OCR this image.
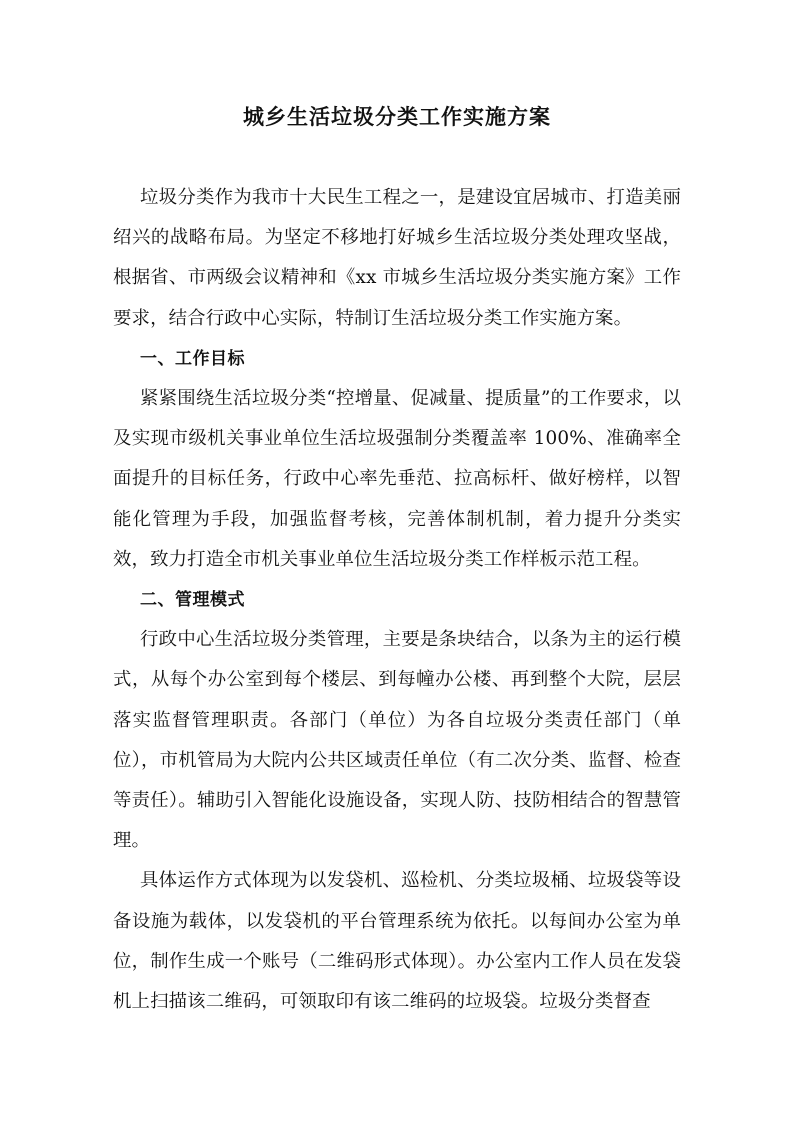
城乡生活垃圾分类工作实施方案

垃圾分类作为我市十大民生工程之一，是建设宜居城市、打造美丽绍兴的战略布局。为坚定不移地打好城乡生活垃圾分类处理攻坚战，根据省、市两级会议精神和《xx 市城乡生活垃圾分类实施方案》工作要求，结合行政中心实际，特制订生活垃圾分类工作实施方案。

一、工作目标

紧紧围绕生活垃圾分类“控增量、促减量、提质量”的工作要求，以及实现市级机关事业单位生活垃圾强制分类覆盖率 100%、准确率全面提升的目标任务，行政中心率先垂范、拉高标杆、做好榜样，以智能化管理为手段，加强监督考核，完善体制机制，着力提升分类实效，致力打造全市机关事业单位生活垃圾分类工作样板示范工程。

二、管理模式

行政中心生活垃圾分类管理，主要是条块结合，以条为主的运行模式，从每个办公室到每个楼层、到每幢办公楼、再到整个大院，层层落实监督管理职责。各部门（单位）为各自垃圾分类责任部门（单位），市机管局为大院内公共区域责任单位（有二次分类、监督、检查等责任）。辅助引入智能化设施设备，实现人防、技防相结合的智慧管理。

具体运作方式体现为以发袋机、巡检机、分类垃圾桶、垃圾袋等设备设施为载体，以发袋机的平台管理系统为依托。以每间办公室为单位，制作生成一个账号（二维码形式体现）。办公室内工作人员在发袋机上扫描该二维码，可领取印有该二维码的垃圾袋。垃圾分类督查
